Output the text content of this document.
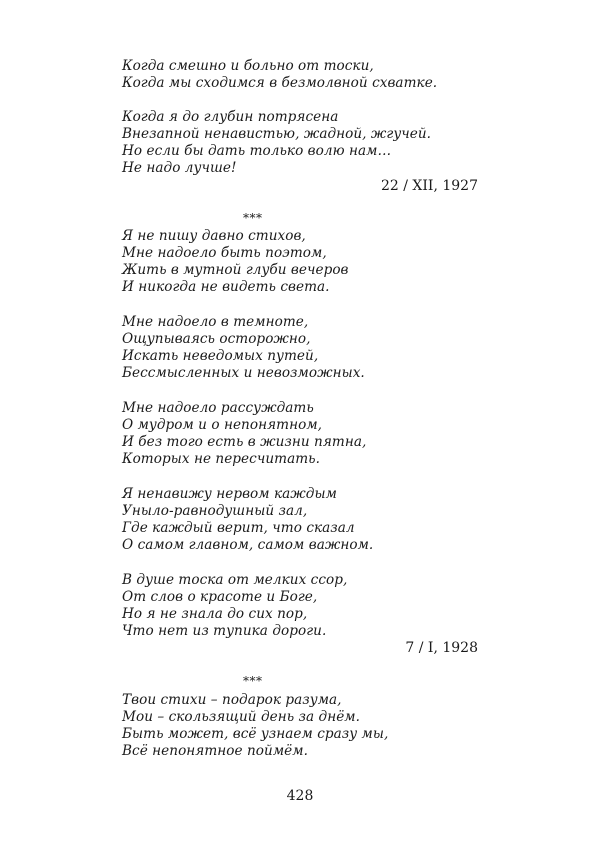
Когда смешно и больно от тоски,
Когда мы сходимся в безмолвной схватке.
Когда я до глубин потрясена
Внезапной ненавистью, жадной, жгучей.
Но если бы дать только волю нам…
Не надо лучше!
22 / XII, 1927
***
Я не пишу давно стихов,
Мне надоело быть поэтом,
Жить в мутной глуби вечеров
И никогда не видеть света.
Мне надоело в темноте,
Ощупываясь осторожно,
Искать неведомых путей,
Бессмысленных и невозможных.
Мне надоело рассуждать
О мудром и о непонятном,
И без того есть в жизни пятна,
Которых не пересчитать.
Я ненавижу нервом каждым
Уныло-равнодушный зал,
Где каждый верит, что сказал
О самом главном, самом важном.
В душе тоска от мелких ссор,
От слов о красоте и Боге,
Но я не знала до сих пор,
Что нет из тупика дороги.
7 / I, 1928
***
Твои стихи – подарок разума,
Мои – скользящий день за днём.
Быть может, всё узнаем сразу мы,
Всё непонятное поймём.
428
